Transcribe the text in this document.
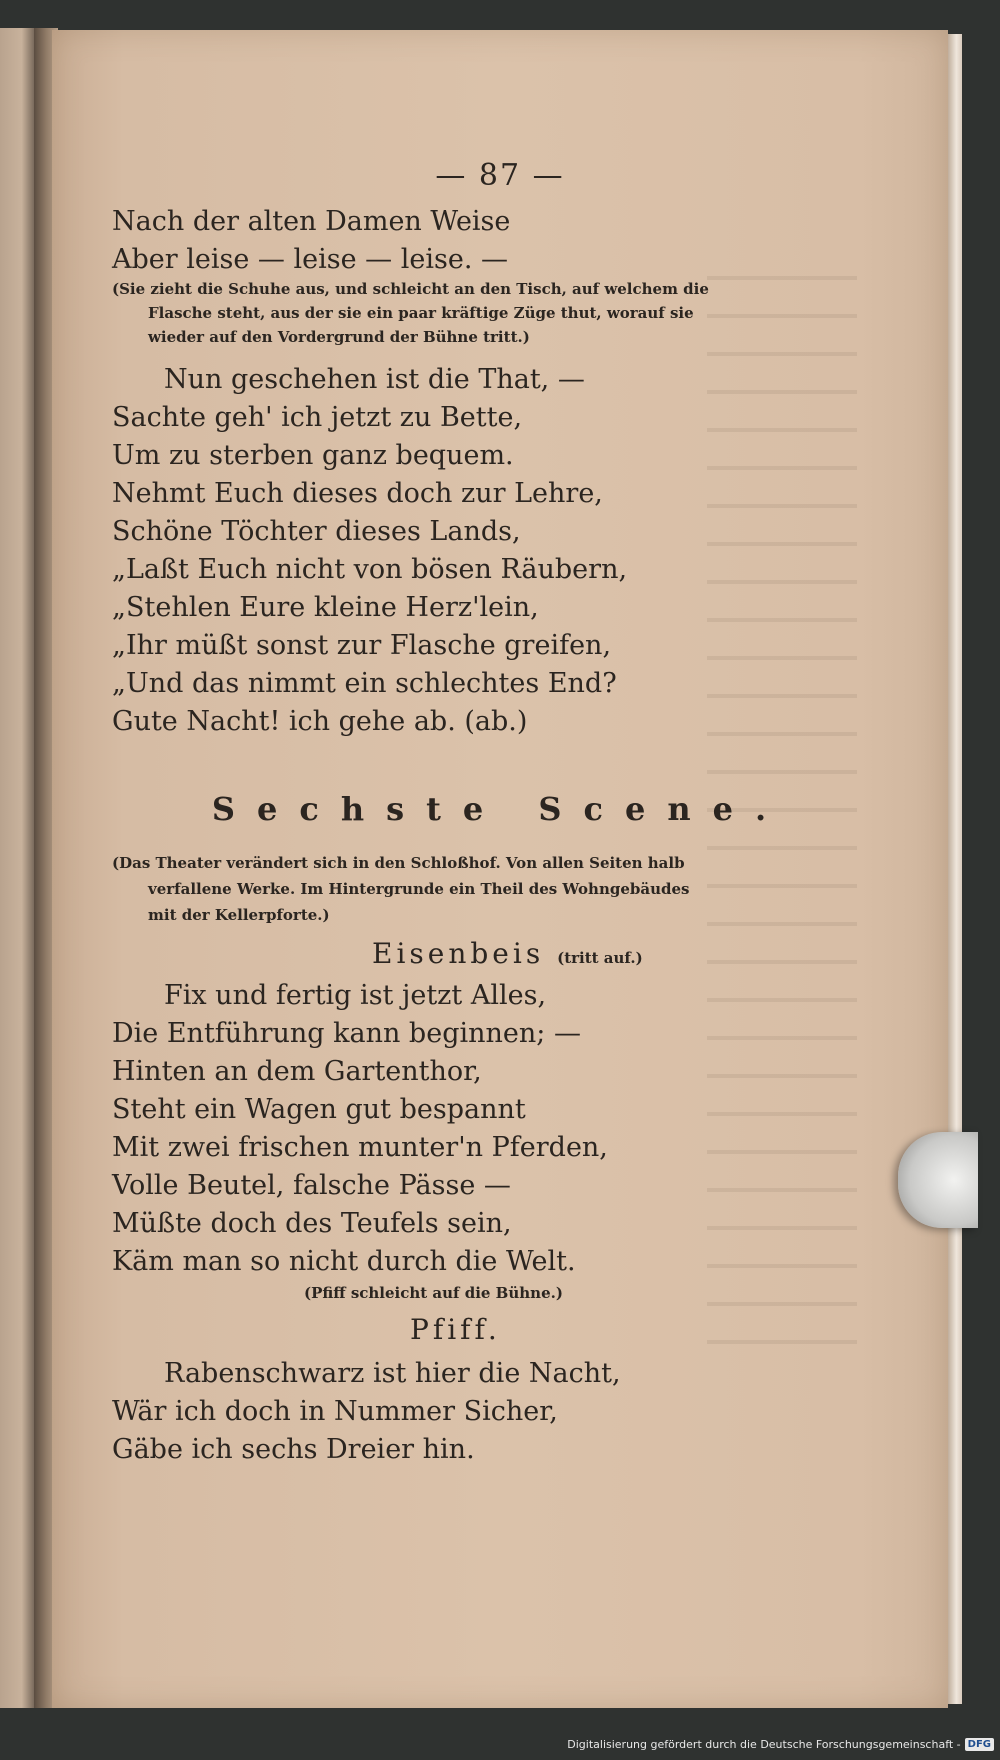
— 87 —
Nach der alten Damen Weise
Aber leise — leise — leise. —
(Sie zieht die Schuhe aus, und schleicht an den Tisch, auf welchem die
Flasche steht, aus der sie ein paar kräftige Züge thut, worauf sie
wieder auf den Vordergrund der Bühne tritt.)
Nun geschehen ist die That, —
Sachte geh' ich jetzt zu Bette,
Um zu sterben ganz bequem.
Nehmt Euch dieses doch zur Lehre,
Schöne Töchter dieses Lands,
„Laßt Euch nicht von bösen Räubern,
„Stehlen Eure kleine Herz'lein,
„Ihr müßt sonst zur Flasche greifen,
„Und das nimmt ein schlechtes End?
Gute Nacht! ich gehe ab. (ab.)
Sechste Scene.
(Das Theater verändert sich in den Schloßhof. Von allen Seiten halb
verfallene Werke. Im Hintergrunde ein Theil des Wohngebäudes
mit der Kellerpforte.)
Eisenbeis (tritt auf.)
Fix und fertig ist jetzt Alles,
Die Entführung kann beginnen; —
Hinten an dem Gartenthor,
Steht ein Wagen gut bespannt
Mit zwei frischen munter'n Pferden,
Volle Beutel, falsche Pässe —
Müßte doch des Teufels sein,
Käm man so nicht durch die Welt.
(Pfiff schleicht auf die Bühne.)
Pfiff.
Rabenschwarz ist hier die Nacht,
Wär ich doch in Nummer Sicher,
Gäbe ich sechs Dreier hin.
Digitalisierung gefördert durch die Deutsche Forschungsgemeinschaft - DFG
